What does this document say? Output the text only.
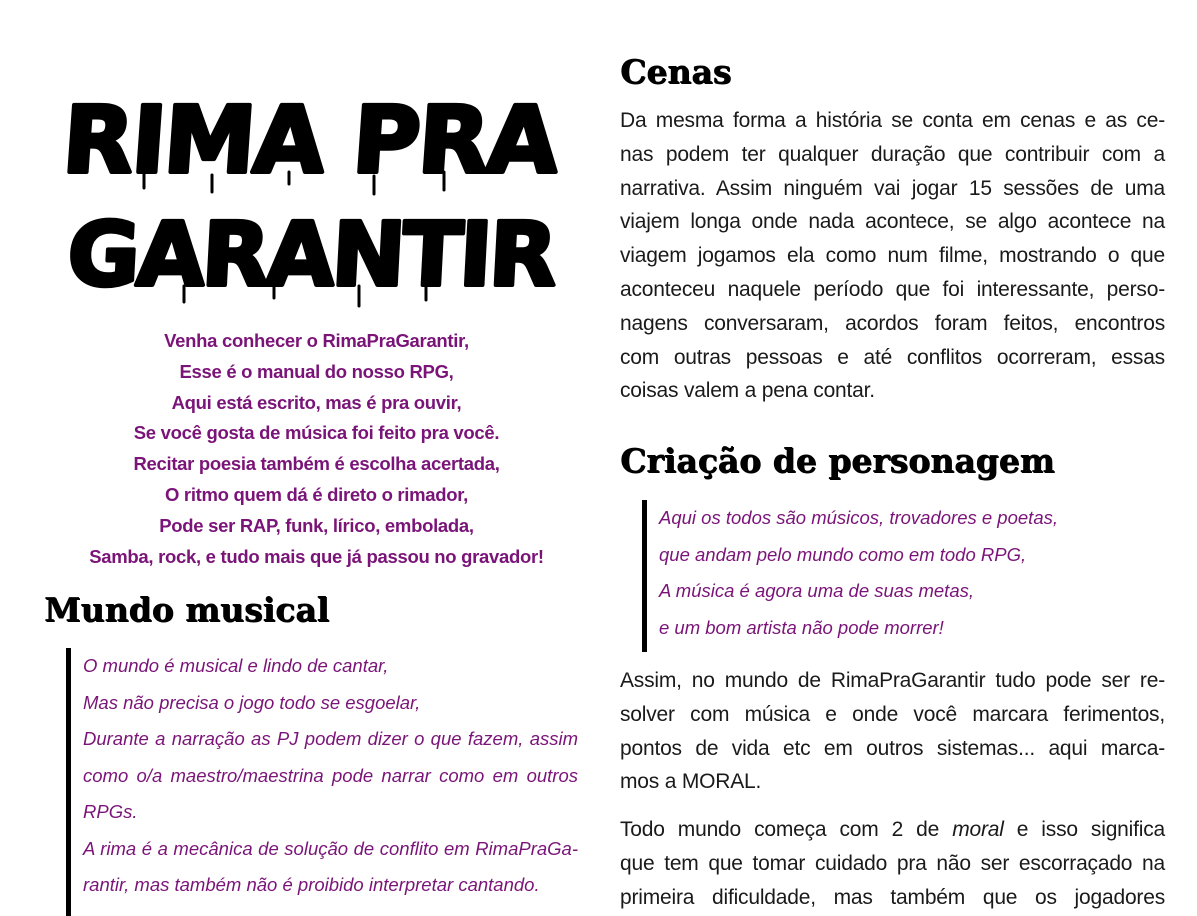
RIMA PRA
GARANTIR
Venha conhecer o RimaPraGarantir,
Esse é o manual do nosso RPG,
Aqui está escrito, mas é pra ouvir,
Se você gosta de música foi feito pra você.
Recitar poesia também é escolha acertada,
O ritmo quem dá é direto o rimador,
Pode ser RAP, funk, lírico, embolada,
Samba, rock, e tudo mais que já passou no gravador!
Mundo musical
O mundo é musical e lindo de cantar,
Mas não precisa o jogo todo se esgoelar,
Durante a narração as PJ podem dizer o que fazem, assim
como o/a maestro/maestrina pode narrar como em outros
RPGs.
A rima é a mecânica de solução de conflito em RimaPraGa-
rantir, mas também não é proibido interpretar cantando.
Cenas
Da mesma forma a história se conta em cenas e as ce-
nas podem ter qualquer duração que contribuir com a
narrativa. Assim ninguém vai jogar 15 sessões de uma
viajem longa onde nada acontece, se algo acontece na
viagem jogamos ela como num filme, mostrando o que
aconteceu naquele período que foi interessante, perso-
nagens conversaram, acordos foram feitos, encontros
com outras pessoas e até conflitos ocorreram, essas
coisas valem a pena contar.
Criação de personagem
Aqui os todos são músicos, trovadores e poetas,
que andam pelo mundo como em todo RPG,
A música é agora uma de suas metas,
e um bom artista não pode morrer!
Assim, no mundo de RimaPraGarantir tudo pode ser re-
solver com música e onde você marcara ferimentos,
pontos de vida etc em outros sistemas... aqui marca-
mos a MORAL.
Todo mundo começa com 2 de moral e isso significa
que tem que tomar cuidado pra não ser escorraçado na
primeira dificuldade, mas também que os jogadores
